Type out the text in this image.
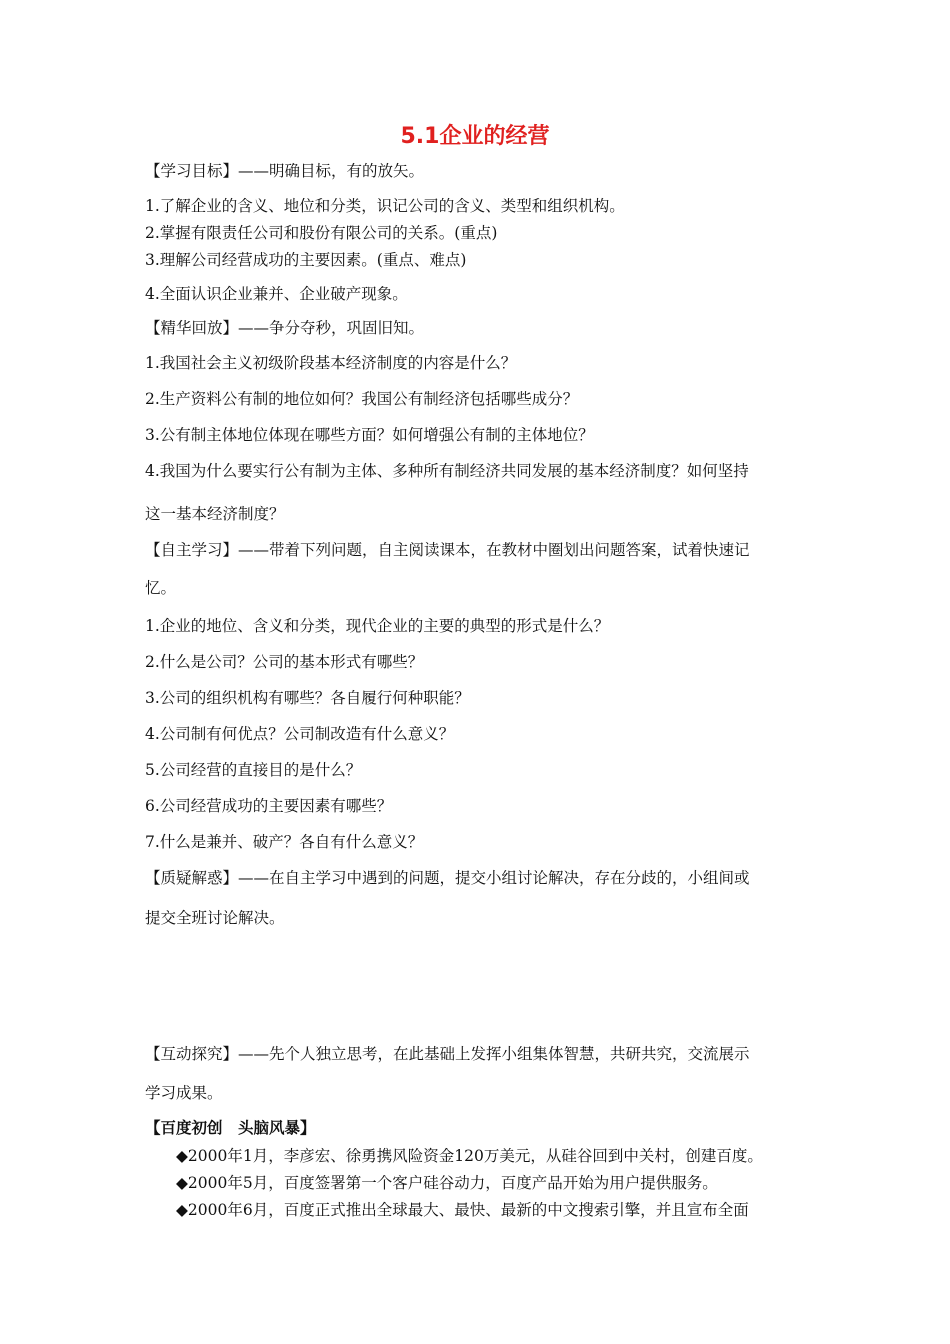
5.1企业的经营
【学习目标】——明确目标，有的放矢。
1.了解企业的含义、地位和分类，识记公司的含义、类型和组织机构。
2.掌握有限责任公司和股份有限公司的关系。(重点)
3.理解公司经营成功的主要因素。(重点、难点)
4.全面认识企业兼并、企业破产现象。
【精华回放】——争分夺秒，巩固旧知。
1.我国社会主义初级阶段基本经济制度的内容是什么？
2.生产资料公有制的地位如何？我国公有制经济包括哪些成分？
3.公有制主体地位体现在哪些方面？如何增强公有制的主体地位？
4.我国为什么要实行公有制为主体、多种所有制经济共同发展的基本经济制度？如何坚持
这一基本经济制度？
【自主学习】——带着下列问题，自主阅读课本，在教材中圈划出问题答案，试着快速记
忆。
1.企业的地位、含义和分类，现代企业的主要的典型的形式是什么？
2.什么是公司？公司的基本形式有哪些？
3.公司的组织机构有哪些？各自履行何种职能？
4.公司制有何优点？公司制改造有什么意义？
5.公司经营的直接目的是什么？
6.公司经营成功的主要因素有哪些？
7.什么是兼并、破产？各自有什么意义？
【质疑解惑】——在自主学习中遇到的问题，提交小组讨论解决，存在分歧的，小组间或
提交全班讨论解决。
【互动探究】——先个人独立思考，在此基础上发挥小组集体智慧，共研共究，交流展示
学习成果。
【百度初创　头脑风暴】
◆2000年1月，李彦宏、徐勇携风险资金120万美元，从硅谷回到中关村，创建百度。
◆2000年5月，百度签署第一个客户硅谷动力，百度产品开始为用户提供服务。
◆2000年6月，百度正式推出全球最大、最快、最新的中文搜索引擎，并且宣布全面
